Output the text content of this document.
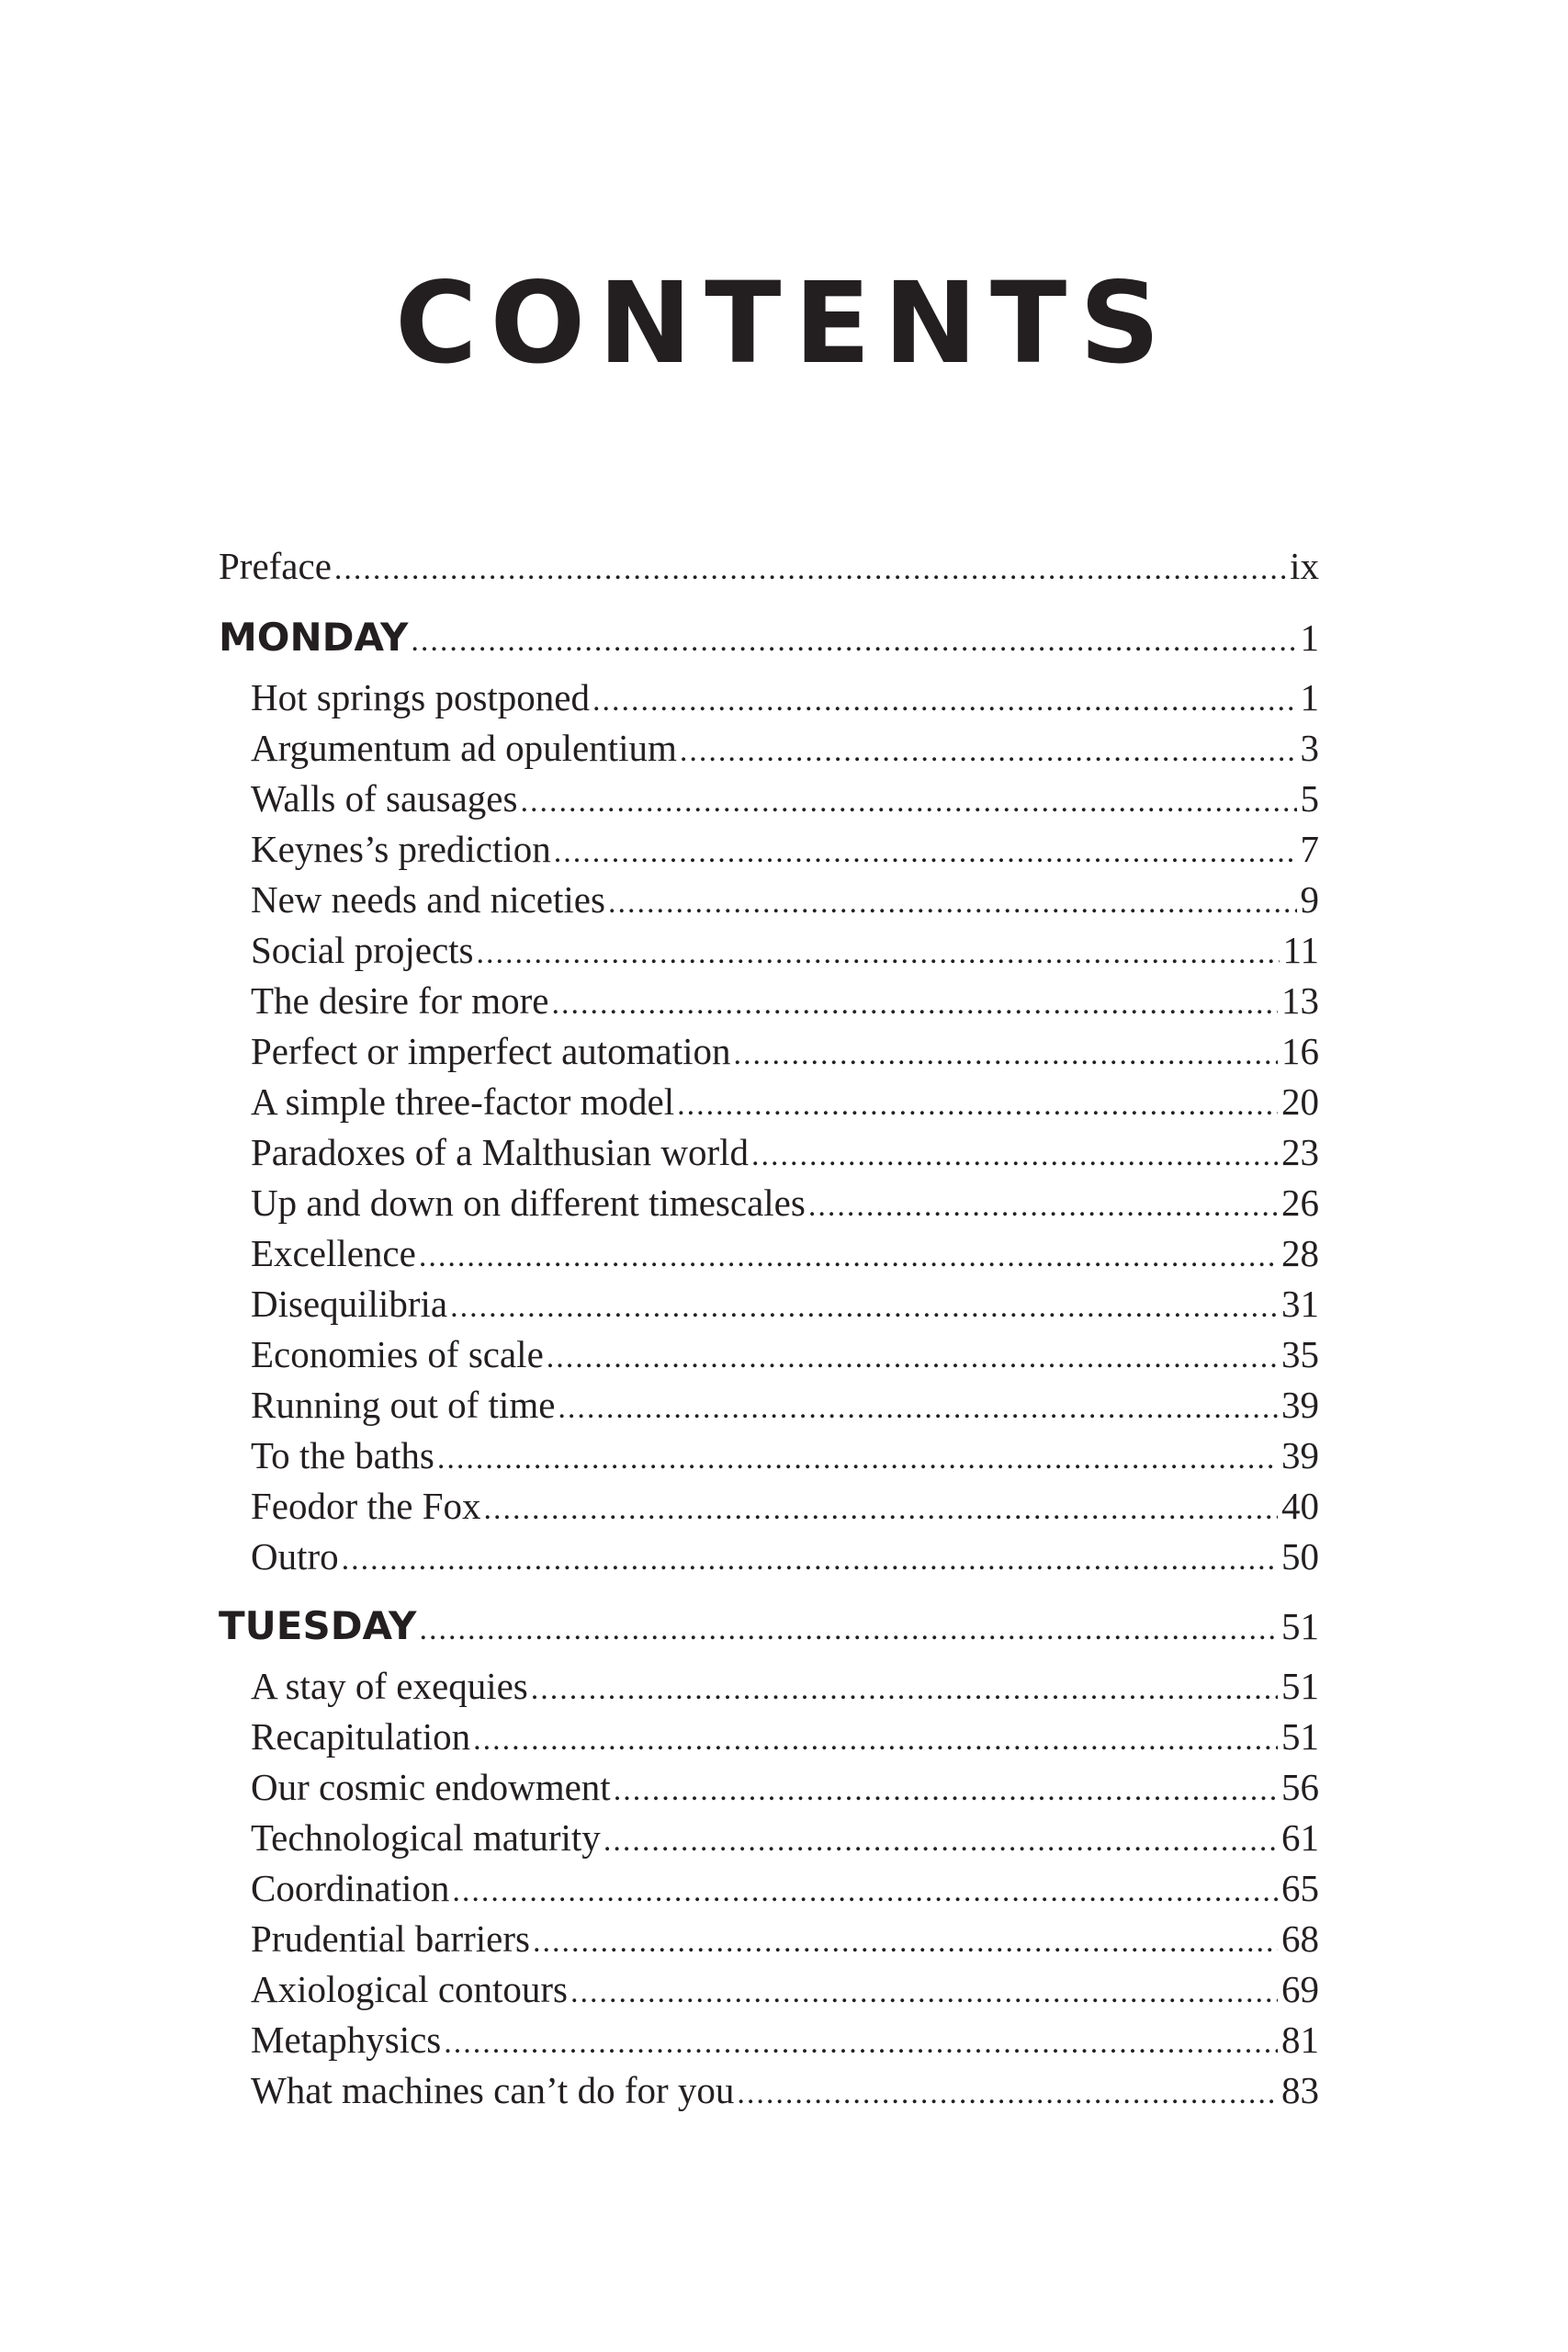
CONTENTS
Preface .....	ix
MONDAY .....	1
Hot springs postponed .....	1
Argumentum ad opulentium .....	3
Walls of sausages .....	5
Keynes’s prediction .....	7
New needs and niceties .....	9
Social projects .....	11
The desire for more .....	13
Perfect or imperfect automation .....	16
A simple three-factor model .....	20
Paradoxes of a Malthusian world .....	23
Up and down on different timescales .....	26
Excellence .....	28
Disequilibria .....	31
Economies of scale .....	35
Running out of time .....	39
To the baths .....	39
Feodor the Fox .....	40
Outro .....	50
TUESDAY .....	51
A stay of exequies .....	51
Recapitulation .....	51
Our cosmic endowment .....	56
Technological maturity .....	61
Coordination .....	65
Prudential barriers .....	68
Axiological contours .....	69
Metaphysics .....	81
What machines can’t do for you .....	83
